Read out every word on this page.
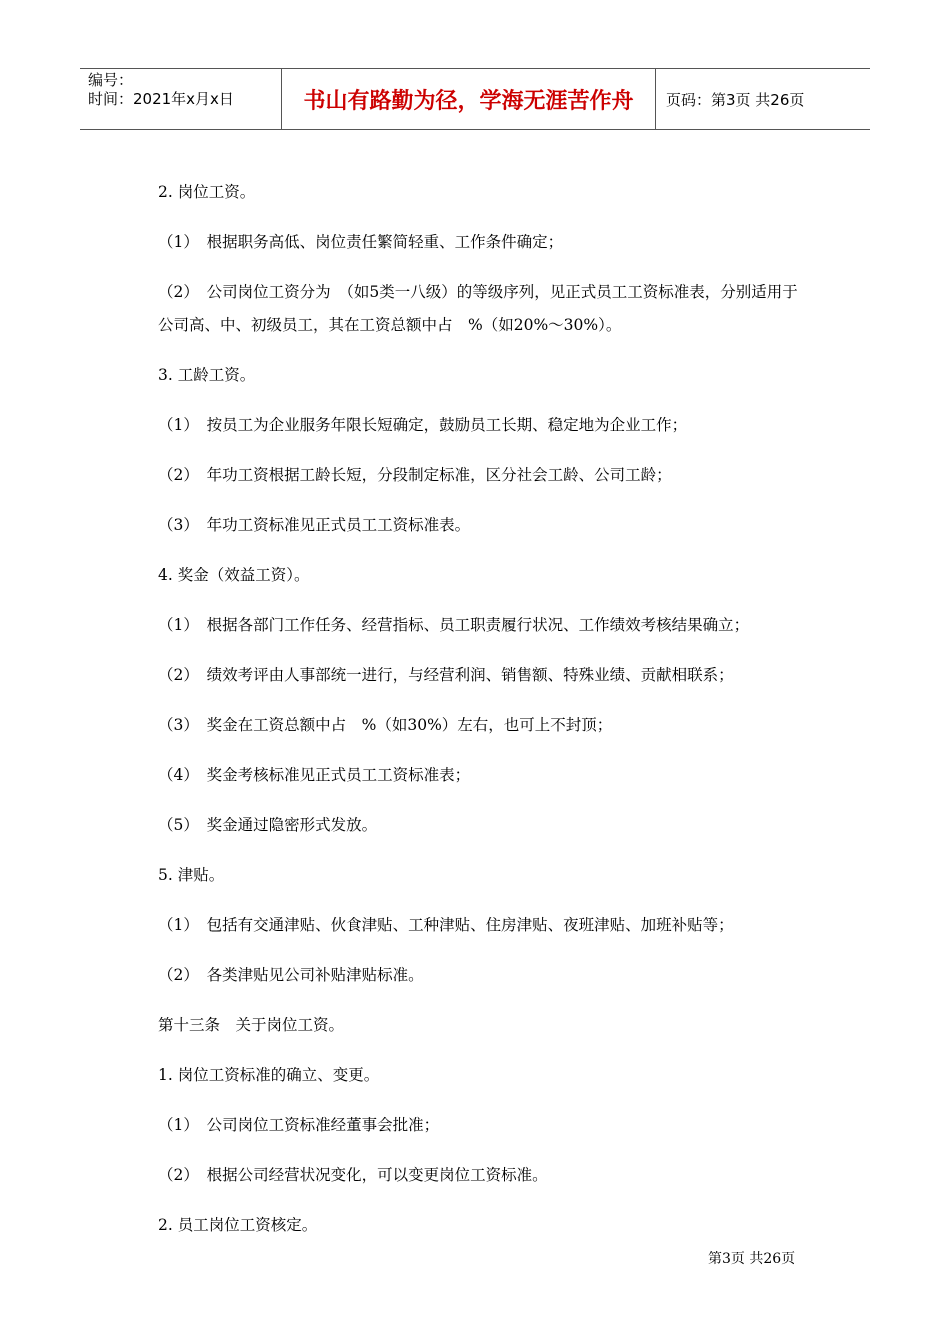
编号：
时间：2021年x月x日	书山有路勤为径，学海无涯苦作舟	页码：第3页 共26页

2. 岗位工资。

（1）　根据职务高低、岗位责任繁简轻重、工作条件确定；

（2）　公司岗位工资分为　（如5类一八级）的等级序列，见正式员工工资标准表，分别适用于公司高、中、初级员工，其在工资总额中占　%（如20%～30%）。

3. 工龄工资。

（1）　按员工为企业服务年限长短确定，鼓励员工长期、稳定地为企业工作；

（2）　年功工资根据工龄长短，分段制定标准，区分社会工龄、公司工龄；

（3）　年功工资标准见正式员工工资标准表。

4. 奖金（效益工资）。

（1）　根据各部门工作任务、经营指标、员工职责履行状况、工作绩效考核结果确立；

（2）　绩效考评由人事部统一进行，与经营利润、销售额、特殊业绩、贡献相联系；

（3）　奖金在工资总额中占　%（如30%）左右，也可上不封顶；

（4）　奖金考核标准见正式员工工资标准表；

（5）　奖金通过隐密形式发放。

5. 津贴。

（1）　包括有交通津贴、伙食津贴、工种津贴、住房津贴、夜班津贴、加班补贴等；

（2）　各类津贴见公司补贴津贴标准。

第十三条　关于岗位工资。

1. 岗位工资标准的确立、变更。

（1）　公司岗位工资标准经董事会批准；

（2）　根据公司经营状况变化，可以变更岗位工资标准。

2. 员工岗位工资核定。

第3页 共26页
